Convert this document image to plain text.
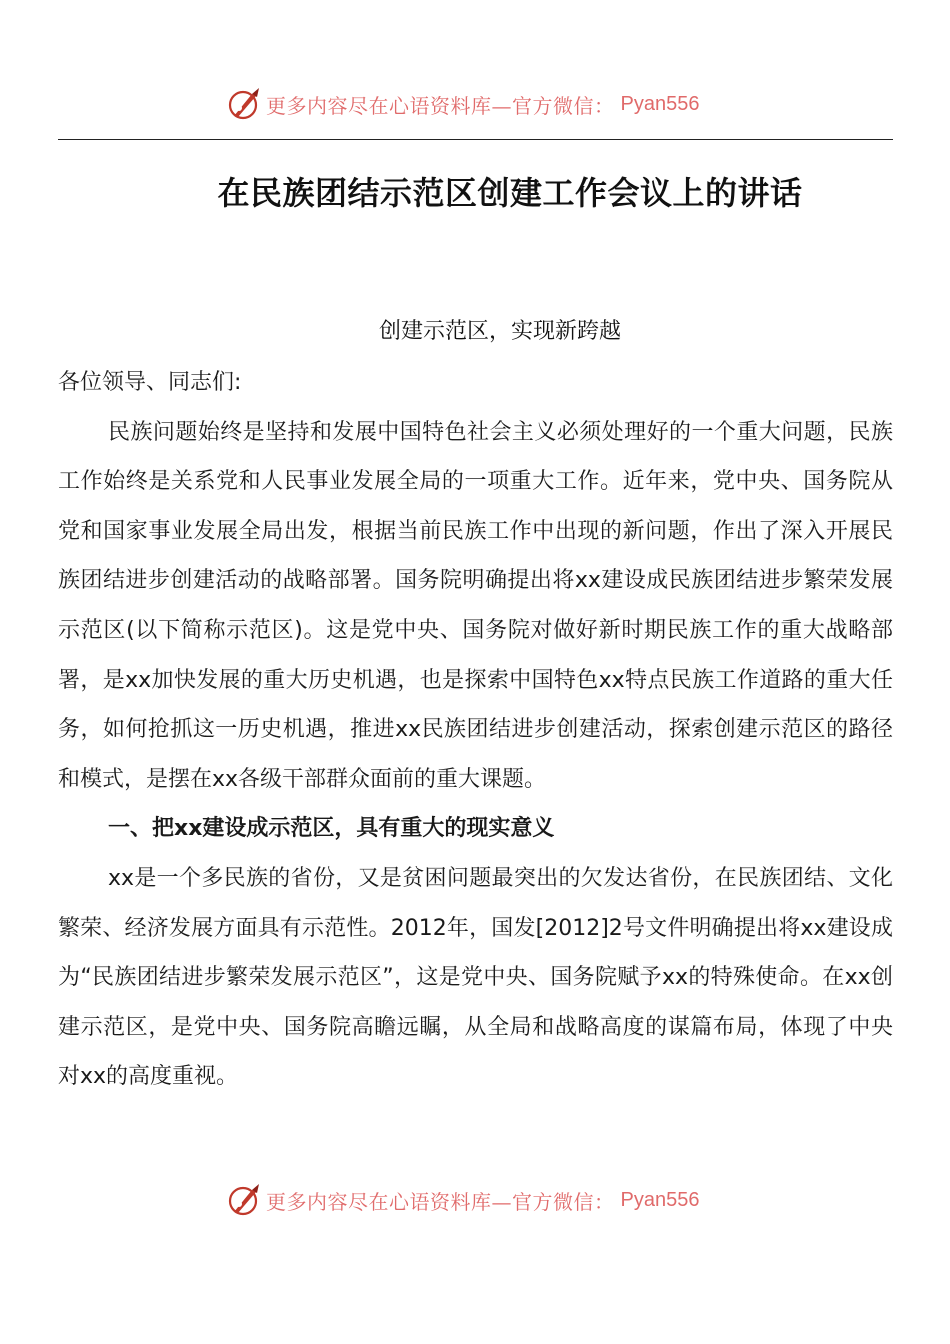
更多内容尽在心语资料库—官方微信： Pyan556
在民族团结示范区创建工作会议上的讲话
创建示范区，实现新跨越

各位领导、同志们:

民族问题始终是坚持和发展中国特色社会主义必须处理好的一个重大问题，民族工作始终是关系党和人民事业发展全局的一项重大工作。近年来，党中央、国务院从党和国家事业发展全局出发，根据当前民族工作中出现的新问题，作出了深入开展民族团结进步创建活动的战略部署。国务院明确提出将xx建设成民族团结进步繁荣发展示范区(以下简称示范区)。这是党中央、国务院对做好新时期民族工作的重大战略部署，是xx加快发展的重大历史机遇，也是探索中国特色xx特点民族工作道路的重大任务，如何抢抓这一历史机遇，推进xx民族团结进步创建活动，探索创建示范区的路径和模式，是摆在xx各级干部群众面前的重大课题。

一、把xx建设成示范区，具有重大的现实意义

xx是一个多民族的省份，又是贫困问题最突出的欠发达省份，在民族团结、文化繁荣、经济发展方面具有示范性。2012年，国发[2012]2号文件明确提出将xx建设成为“民族团结进步繁荣发展示范区”，这是党中央、国务院赋予xx的特殊使命。在xx创建示范区，是党中央、国务院高瞻远瞩，从全局和战略高度的谋篇布局，体现了中央对xx的高度重视。

更多内容尽在心语资料库—官方微信： Pyan556
